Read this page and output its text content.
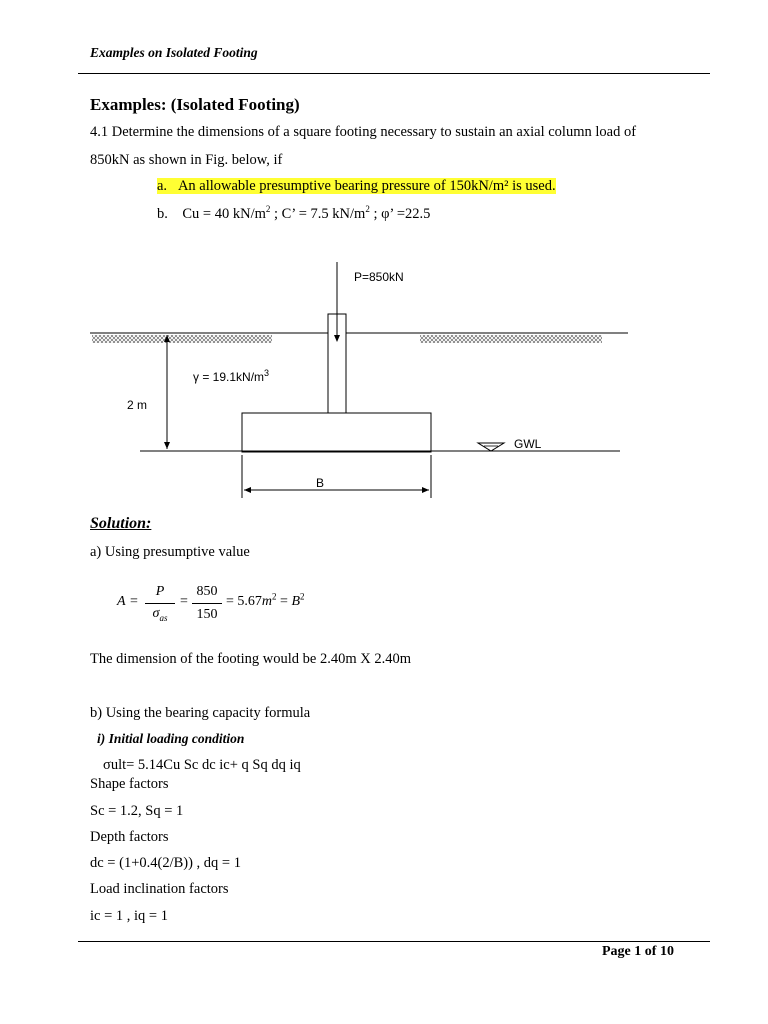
Examples on Isolated Footing
Examples: (Isolated Footing)
4.1 Determine the dimensions of a square footing necessary to sustain an axial column load of
850kN as shown in Fig. below, if
a. An allowable presumptive bearing pressure of 150kN/m² is used.
b. Cu = 40 $kN/m^2$ ; C’ = 7.5 $kN/m^2$ ; φ’ =22.5
P=850kN
$\gamma = 19.1kN/m^3$
2 m
GWL
B
Solution:
a) Using presumptive value
A =
P
$\sigma_{as}$
=
850
150
= $5.67m^2 = B^2$
The dimension of the footing would be 2.40m X 2.40m
b) Using the bearing capacity formula
i) Initial loading condition
σult= 5.14Cu Sc dc ic+ q Sq dq iq
Shape factors
Sc = 1.2, Sq = 1
Depth factors
dc = (1+0.4(2/B)) , dq = 1
Load inclination factors
ic = 1 , iq = 1
Page 1 of 10
